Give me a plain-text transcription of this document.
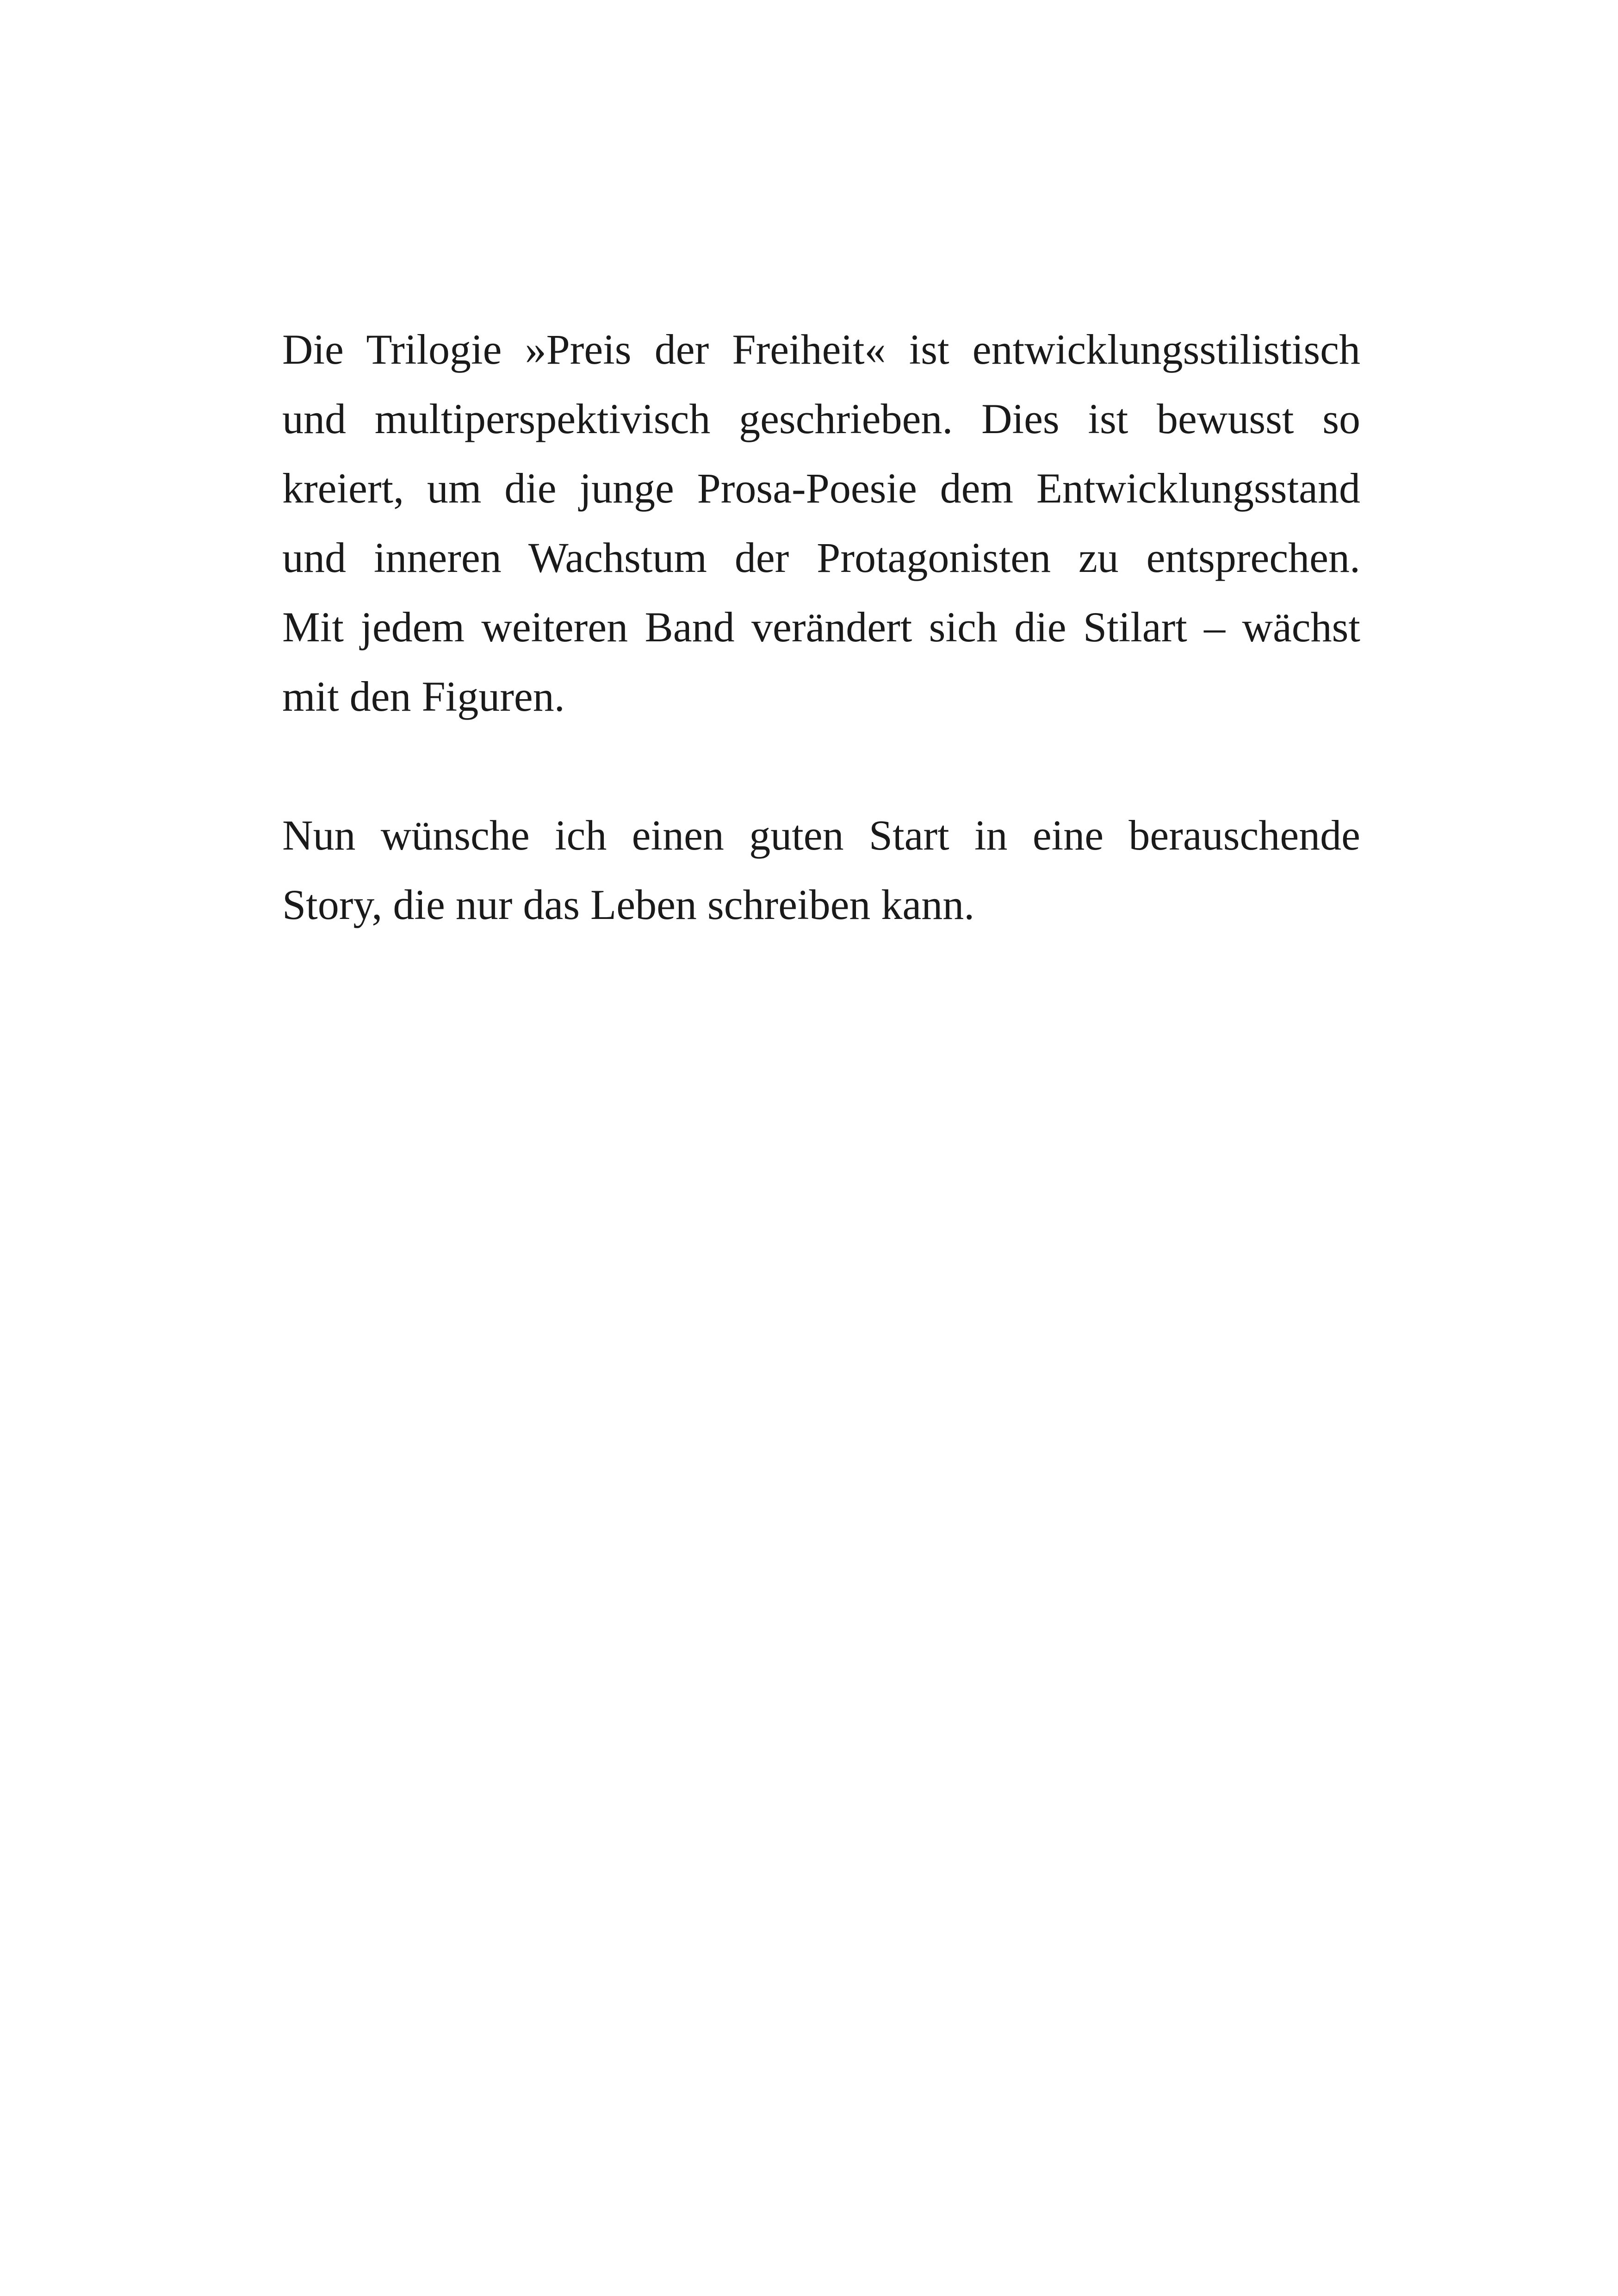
Die Trilogie »Preis der Freiheit« ist entwicklungsstilistisch
und multiperspektivisch geschrieben. Dies ist bewusst so
kreiert, um die junge Prosa-Poesie dem Entwicklungsstand
und inneren Wachstum der Protagonisten zu entsprechen.
Mit jedem weiteren Band verändert sich die Stilart – wächst
mit den Figuren.
Nun wünsche ich einen guten Start in eine berauschende
Story, die nur das Leben schreiben kann.
